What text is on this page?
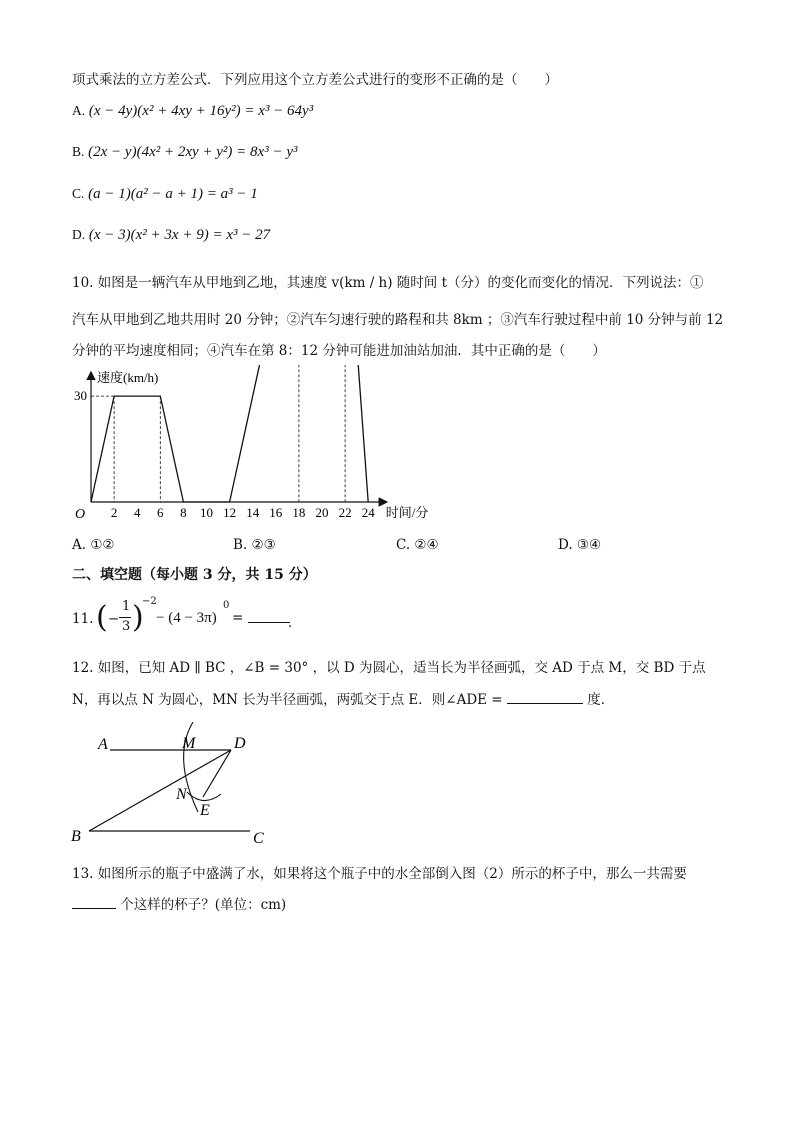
项式乘法的立方差公式．下列应用这个立方差公式进行的变形不正确的是（　　）
A. (x − 4y)(x² + 4xy + 16y²) = x³ − 64y³
B. (2x − y)(4x² + 2xy + y²) = 8x³ − y³
C. (a − 1)(a² − a + 1) = a³ − 1
D. (x − 3)(x² + 3x + 9) = x³ − 27
10. 如图是一辆汽车从甲地到乙地，其速度 v(km / h) 随时间 t（分）的变化而变化的情况．下列说法：①
汽车从甲地到乙地共用时 20 分钟；②汽车匀速行驶的路程和共 8km ；③汽车行驶过程中前 10 分钟与前 12
分钟的平均速度相同；④汽车在第 8：12 分钟可能进加油站加油．其中正确的是（　　）
速度(km/h)
时间/分
O 2 4 6 8 10 12 14 16 18 20 22 24
30
A. ①②	B. ②③	C. ②④	D. ③④
二、填空题（每小题 3 分，共 15 分）
11. ( −
1
3 )
−2
− (4 − 3π)
0
=	．
12. 如图，已知 AD ∥ BC ，∠B = 30° ，以 D 为圆心，适当长为半径画弧，交 AD 于点 M，交 BD 于点
N，再以点 N 为圆心，MN 长为半径画弧，两弧交于点 E．则∠ADE =	度．
A	M D
N
E
B	C
13. 如图所示的瓶子中盛满了水，如果将这个瓶子中的水全部倒入图（2）所示的杯子中，那么一共需要
个这样的杯子？(单位：cm)
